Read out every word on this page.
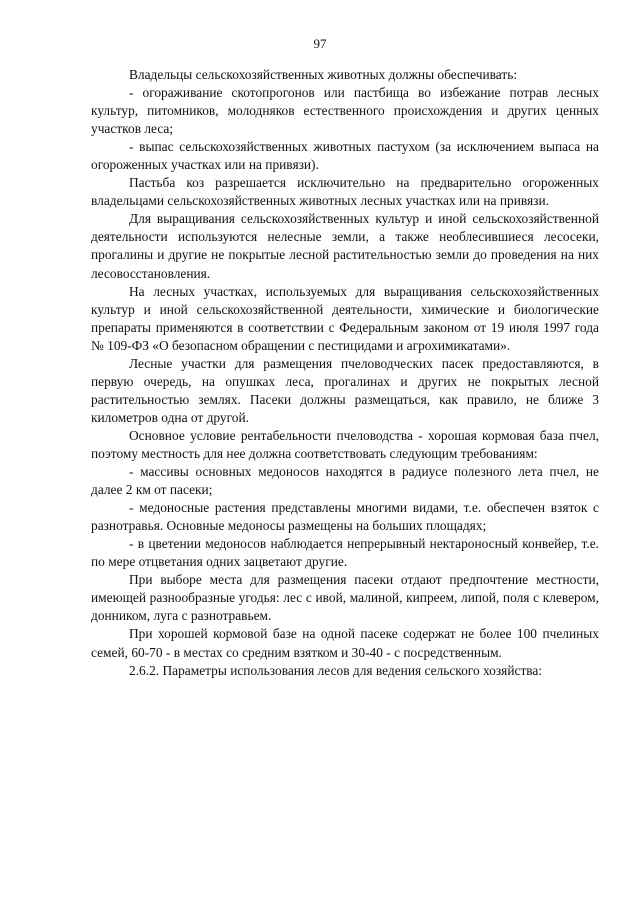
97

Владельцы сельскохозяйственных животных должны обеспечивать:

- огораживание скотопрогонов или пастбища во избежание потрав лесных культур, питомников, молодняков естественного происхождения и других ценных участков леса;

- выпас сельскохозяйственных животных пастухом (за исключением выпаса на огороженных участках или на привязи).

Пастьба коз разрешается исключительно на предварительно огороженных владельцами сельскохозяйственных животных лесных участках или на привязи.

Для выращивания сельскохозяйственных культур и иной сельскохозяйственной деятельности используются нелесные земли, а также необлесившиеся лесосеки, прогалины и другие не покрытые лесной растительностью земли до проведения на них лесовосстановления.

На лесных участках, используемых для выращивания сельскохозяйственных культур и иной сельскохозяйственной деятельности, химические и биологические препараты применяются в соответствии с Федеральным законом от 19 июля 1997 года № 109-ФЗ «О безопасном обращении с пестицидами и агрохимикатами».

Лесные участки для размещения пчеловодческих пасек предоставляются, в первую очередь, на опушках леса, прогалинах и других не покрытых лесной растительностью землях. Пасеки должны размещаться, как правило, не ближе 3 километров одна от другой.

Основное условие рентабельности пчеловодства - хорошая кормовая база пчел, поэтому местность для нее должна соответствовать следующим требованиям:

- массивы основных медоносов находятся в радиусе полезного лета пчел, не далее 2 км от пасеки;

- медоносные растения представлены многими видами, т.е. обеспечен взяток с разнотравья. Основные медоносы размещены на больших площадях;

- в цветении медоносов наблюдается непрерывный нектароносный конвейер, т.е. по мере отцветания одних зацветают другие.

При выборе места для размещения пасеки отдают предпочтение местности, имеющей разнообразные угодья: лес с ивой, малиной, кипреем, липой, поля с клевером, донником, луга с разнотравьем.

При хорошей кормовой базе на одной пасеке содержат не более 100 пчелиных семей, 60-70 - в местах со средним взятком и 30-40 - с посредственным.

2.6.2. Параметры использования лесов для ведения сельского хозяйства:
